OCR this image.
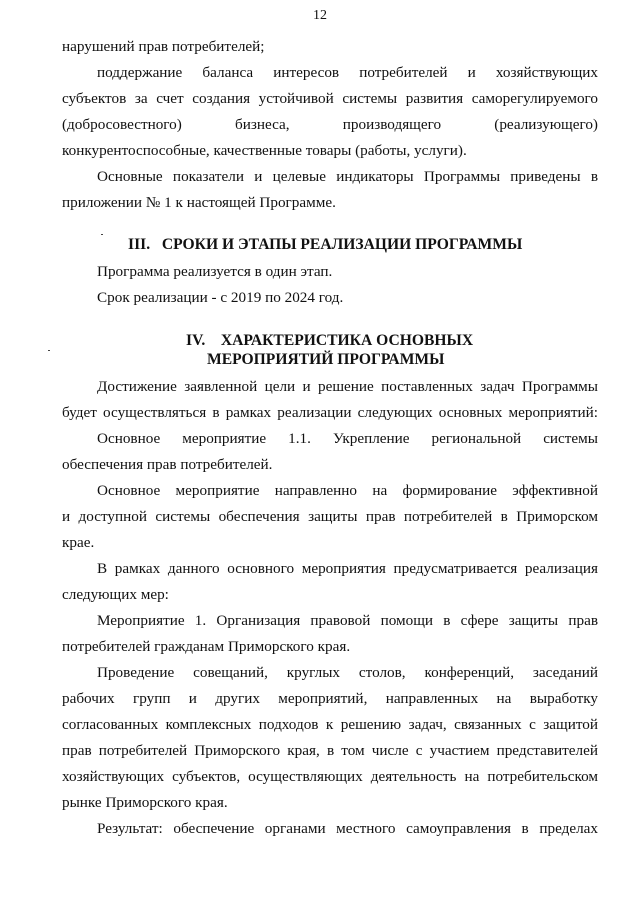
12
нарушений прав потребителей;
поддержание баланса интересов потребителей и хозяйствующих
субъектов за счет создания устойчивой системы развития саморегулируемого
(добросовестного) бизнеса, производящего (реализующего)
конкурентоспособные, качественные товары (работы, услуги).
Основные показатели и целевые индикаторы Программы приведены в
приложении № 1 к настоящей Программе.
III. СРОКИ И ЭТАПЫ РЕАЛИЗАЦИИ ПРОГРАММЫ
Программа реализуется в один этап.
Срок реализации - с 2019 по 2024 год.
IV. ХАРАКТЕРИСТИКА ОСНОВНЫХ
МЕРОПРИЯТИЙ ПРОГРАММЫ
Достижение заявленной цели и решение поставленных задач Программы
будет осуществляться в рамках реализации следующих основных мероприятий:
Основное мероприятие 1.1. Укрепление региональной системы
обеспечения прав потребителей.
Основное мероприятие направленно на формирование эффективной
и доступной системы обеспечения защиты прав потребителей в Приморском
крае.
В рамках данного основного мероприятия предусматривается реализация
следующих мер:
Мероприятие 1. Организация правовой помощи в сфере защиты прав
потребителей гражданам Приморского края.
Проведение совещаний, круглых столов, конференций, заседаний
рабочих групп и других мероприятий, направленных на выработку
согласованных комплексных подходов к решению задач, связанных с защитой
прав потребителей Приморского края, в том числе с участием представителей
хозяйствующих субъектов, осуществляющих деятельность на потребительском
рынке Приморского края.
Результат: обеспечение органами местного самоуправления в пределах
